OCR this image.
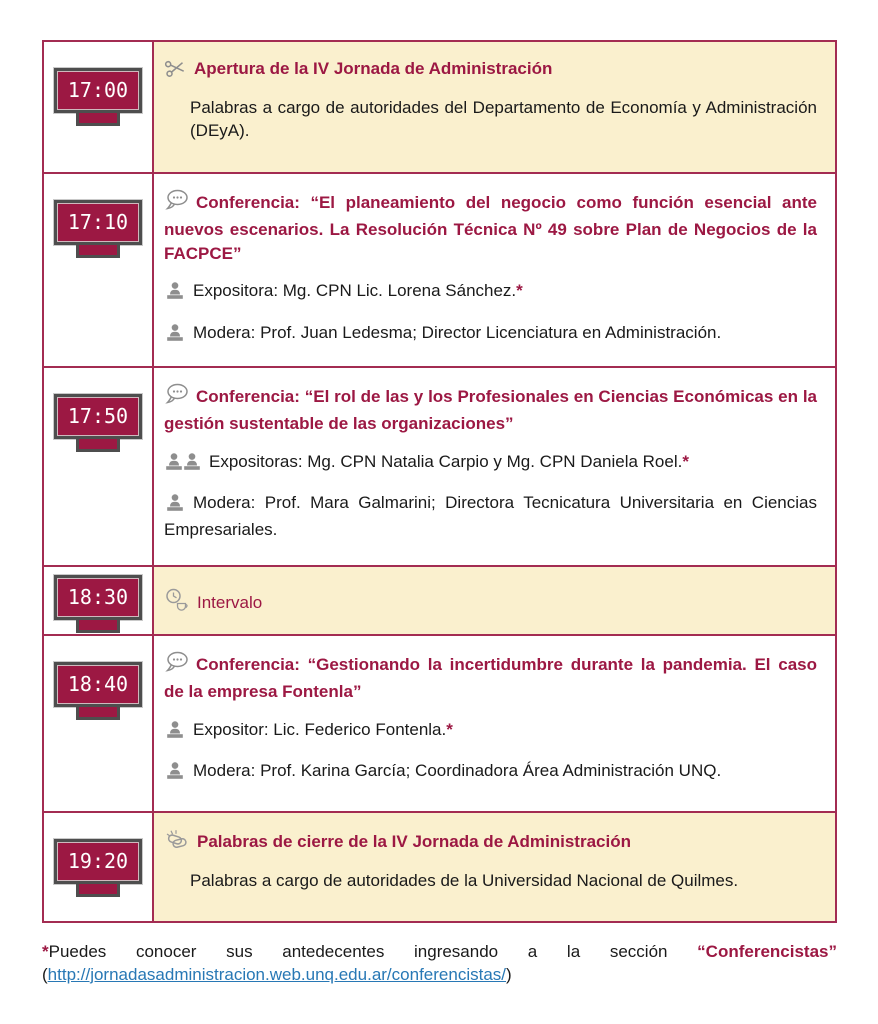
17:00

Apertura de la IV Jornada de Administración

Palabras a cargo de autoridades del Departamento de Economía y Administración (DEyA).

17:10

Conferencia: “El planeamiento del negocio como función esencial ante nuevos escenarios. La Resolución Técnica Nº 49 sobre Plan de Negocios de la FACPCE”

Expositora: Mg. CPN Lic. Lorena Sánchez.*

Modera: Prof. Juan Ledesma; Director Licenciatura en Administración.

17:50

Conferencia: “El rol de las y los Profesionales en Ciencias Económicas en la gestión sustentable de las organizaciones”

Expositoras: Mg. CPN Natalia Carpio y Mg. CPN Daniela Roel.*

Modera: Prof. Mara Galmarini; Directora Tecnicatura Universitaria en Ciencias Empresariales.

18:30	Intervalo

18:40

Conferencia: “Gestionando la incertidumbre durante la pandemia. El caso de la empresa Fontenla”

Expositor: Lic. Federico Fontenla.*

Modera: Prof. Karina García; Coordinadora Área Administración UNQ.

19:20

Palabras de cierre de la IV Jornada de Administración

Palabras a cargo de autoridades de la Universidad Nacional de Quilmes.

*Puedes conocer sus antedecentes ingresando a la sección “Conferencistas” (http://jornadasadministracion.web.unq.edu.ar/conferencistas/)
